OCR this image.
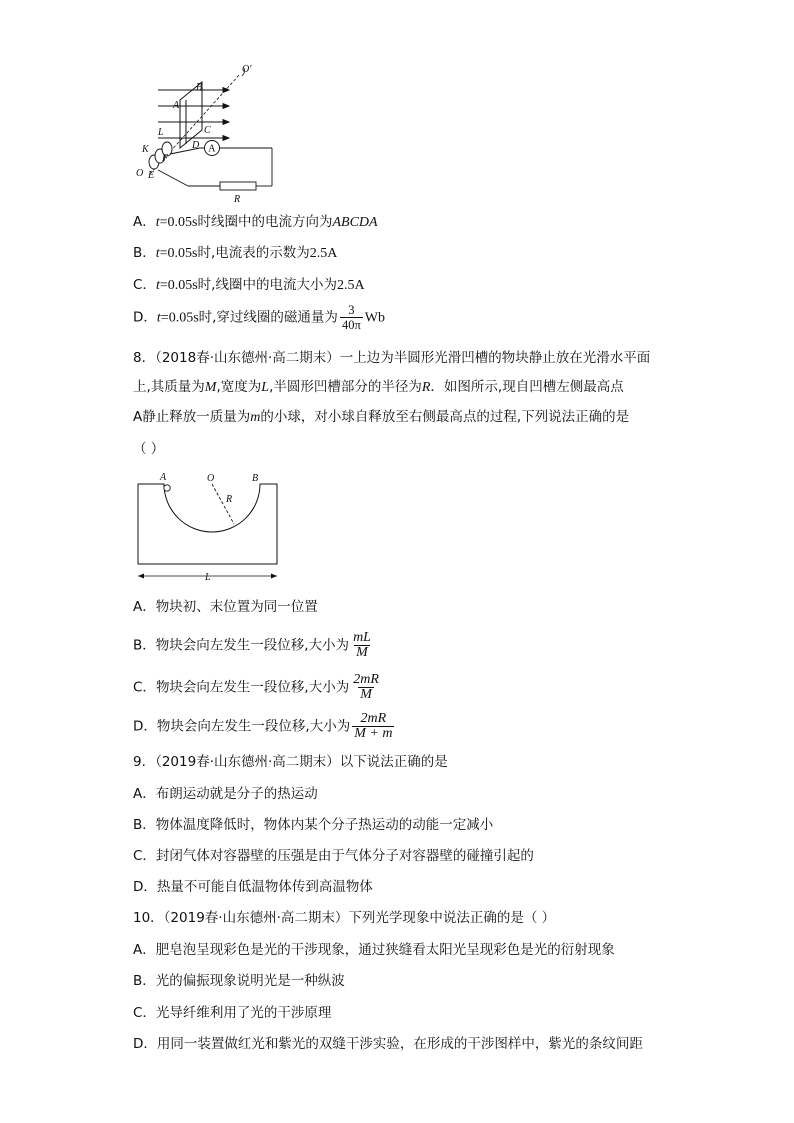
A
O′
B
A
C
L
D
K
F
O E
R
A．t=0.05s时线圈中的电流方向为ABCDA
B．t=0.05s时,电流表的示数为2.5A
C．t=0.05s时,线圈中的电流大小为2.5A
D．t=0.05s时,穿过线圈的磁通量为 $\frac{3}{40\pi}$ Wb
8．（2018春·山东德州·高二期末）一上边为半圆形光滑凹槽的物块静止放在光滑水平面
上,其质量为M,宽度为L,半圆形凹槽部分的半径为R．如图所示,现自凹槽左侧最高点
A静止释放一质量为m的小球，对小球自释放至右侧最高点的过程,下列说法正确的是
（ ）
A	O	B
R
L
A．物块初、末位置为同一位置
B．物块会向左发生一段位移,大小为 $\frac{mL}{M}$
C．物块会向左发生一段位移,大小为 $\frac{2mR}{M}$
D．物块会向左发生一段位移,大小为 $\frac{2mR}{M + m}$
9．（2019春·山东德州·高二期末）以下说法正确的是
A．布朗运动就是分子的热运动
B．物体温度降低时，物体内某个分子热运动的动能一定减小
C．封闭气体对容器壁的压强是由于气体分子对容器壁的碰撞引起的
D．热量不可能自低温物体传到高温物体
10．（2019春·山东德州·高二期末）下列光学现象中说法正确的是（ ）
A．肥皂泡呈现彩色是光的干涉现象，通过狭缝看太阳光呈现彩色是光的衍射现象
B．光的偏振现象说明光是一种纵波
C．光导纤维利用了光的干涉原理
D．用同一装置做红光和紫光的双缝干涉实验，在形成的干涉图样中，紫光的条纹间距
